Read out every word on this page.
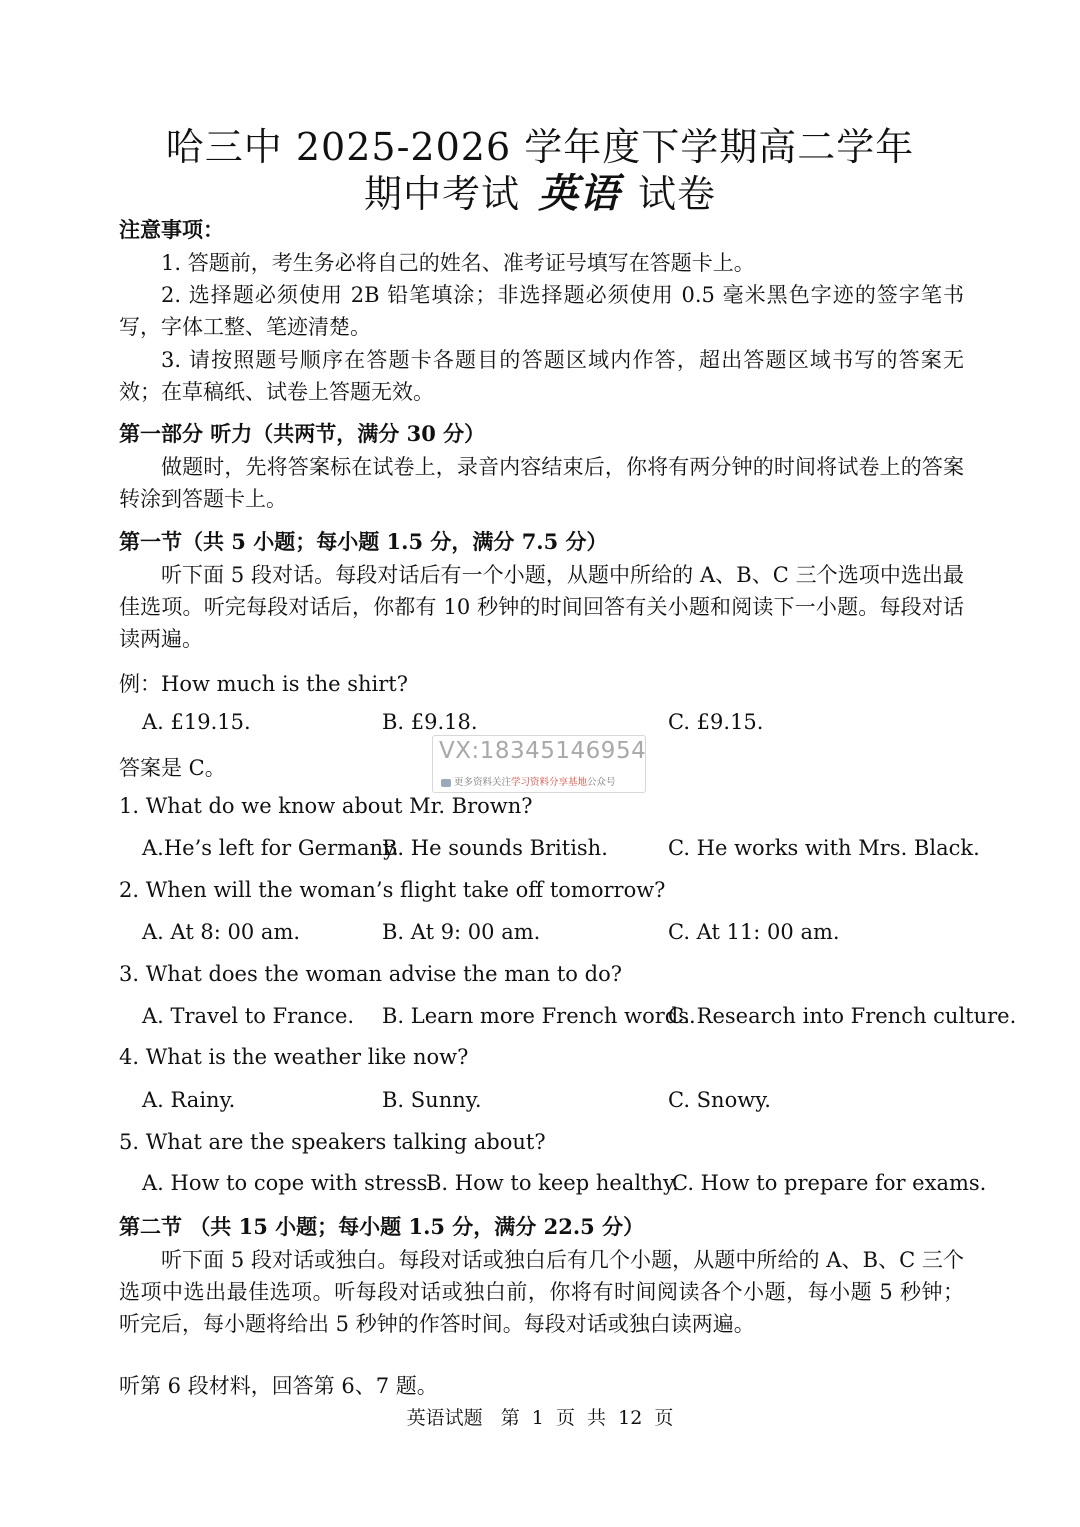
哈三中 2025-2026 学年度下学期高二学年
期中考试 英语 试卷
注意事项：
1. 答题前，考生务必将自己的姓名、准考证号填写在答题卡上。
2. 选择题必须使用 2B 铅笔填涂；非选择题必须使用 0.5 毫米黑色字迹的签字笔书写，字体工整、笔迹清楚。
3. 请按照题号顺序在答题卡各题目的答题区域内作答，超出答题区域书写的答案无效；在草稿纸、试卷上答题无效。
第一部分 听力（共两节，满分 30 分）
做题时，先将答案标在试卷上，录音内容结束后，你将有两分钟的时间将试卷上的答案转涂到答题卡上。
第一节（共 5 小题；每小题 1.5 分，满分 7.5 分）
听下面 5 段对话。每段对话后有一个小题，从题中所给的 A、B、C 三个选项中选出最佳选项。听完每段对话后，你都有 10 秒钟的时间回答有关小题和阅读下一小题。每段对话读两遍。
例：How much is the shirt?
A. £19.15.	B. £9.18.	C. £9.15.
答案是 C。
1. What do we know about Mr. Brown?
A.He’s left for Germany.
B. He sounds British.	C. He works with Mrs. Black.
2. When will the woman’s flight take off tomorrow?
A. At 8: 00 am.	B. At 9: 00 am.	C. At 11: 00 am.
3. What does the woman advise the man to do?
A. Travel to France. B. Learn more French words.
C. Research into French culture.
4. What is the weather like now?
A. Rainy.	B. Sunny.	C. Snowy.
5. What are the speakers talking about?
A. How to cope with stress.
B. How to keep healthy.
C. How to prepare for exams.
第二节 （共 15 小题；每小题 1.5 分，满分 22.5 分）
听下面 5 段对话或独白。每段对话或独白后有几个小题，从题中所给的 A、B、C 三个选项中选出最佳选项。听每段对话或独白前，你将有时间阅读各个小题，每小题 5 秒钟；听完后，每小题将给出 5 秒钟的作答时间。每段对话或独白读两遍。
听第 6 段材料，回答第 6、7 题。
VX:18345146954
更多资料关注学习资料分享基地公众号
英语试题   第  1  页  共  12  页
